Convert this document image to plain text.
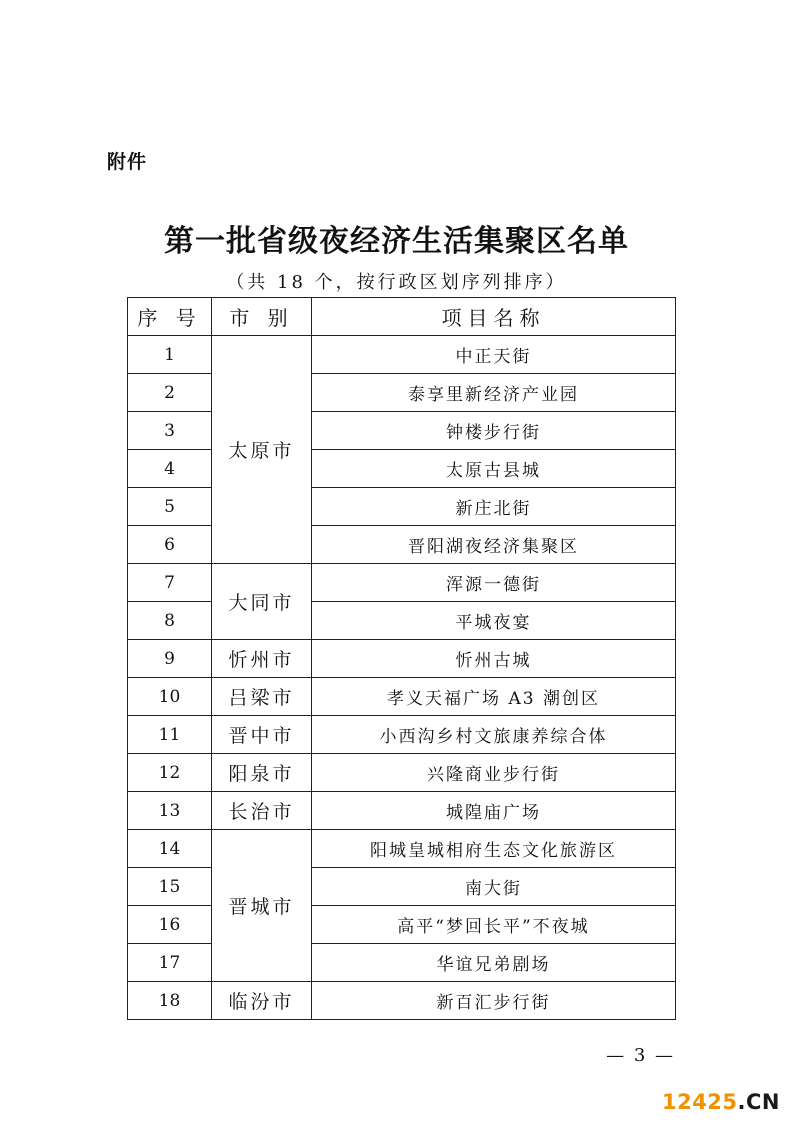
附件
第一批省级夜经济生活集聚区名单
（共 18 个，按行政区划序列排序）
序 号	市 别	项目名称
1	太原市	中正天街
2		泰享里新经济产业园
3		钟楼步行街
4		太原古县城
5		新庄北街
6		晋阳湖夜经济集聚区
7	大同市	浑源一德街
8		平城夜宴
9	忻州市	忻州古城
10	吕梁市	孝义天福广场 A3 潮创区
11	晋中市	小西沟乡村文旅康养综合体
12	阳泉市	兴隆商业步行街
13	长治市	城隍庙广场
14	晋城市	阳城皇城相府生态文化旅游区
15		南大街
16		高平“梦回长平”不夜城
17		华谊兄弟剧场
18	临汾市	新百汇步行街
— 3 —
12425.CN
